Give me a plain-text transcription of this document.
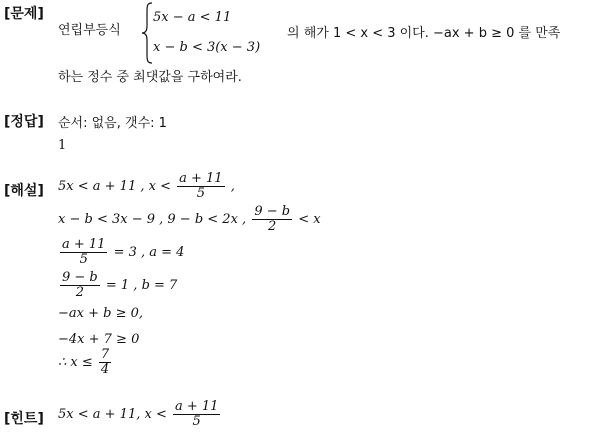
[문제]
연립부등식
5x − a < 11
x − b < 3(x − 3)
의 해가 1 < x < 3 이다. −ax + b ≥ 0 를 만족
하는 정수 중 최댓값을 구하여라.
[정답] 순서: 없음, 갯수: 1
1
[해설] 5x < a + 11 , $x < \frac{a + 11}{5}$ ,
x − b < 3x − 9 , 9 − b < 2x , $\frac{9 - b}{2} < x$
$\frac{a + 11}{5} = 3$ , a = 4
$\frac{9 - b}{2} = 1$ , b = 7
−ax + b ≥ 0,
−4x + 7 ≥ 0
∴ $x \le \frac{7}{4}$
[힌트] 5x < a + 11, $x < \frac{a + 11}{5}$
